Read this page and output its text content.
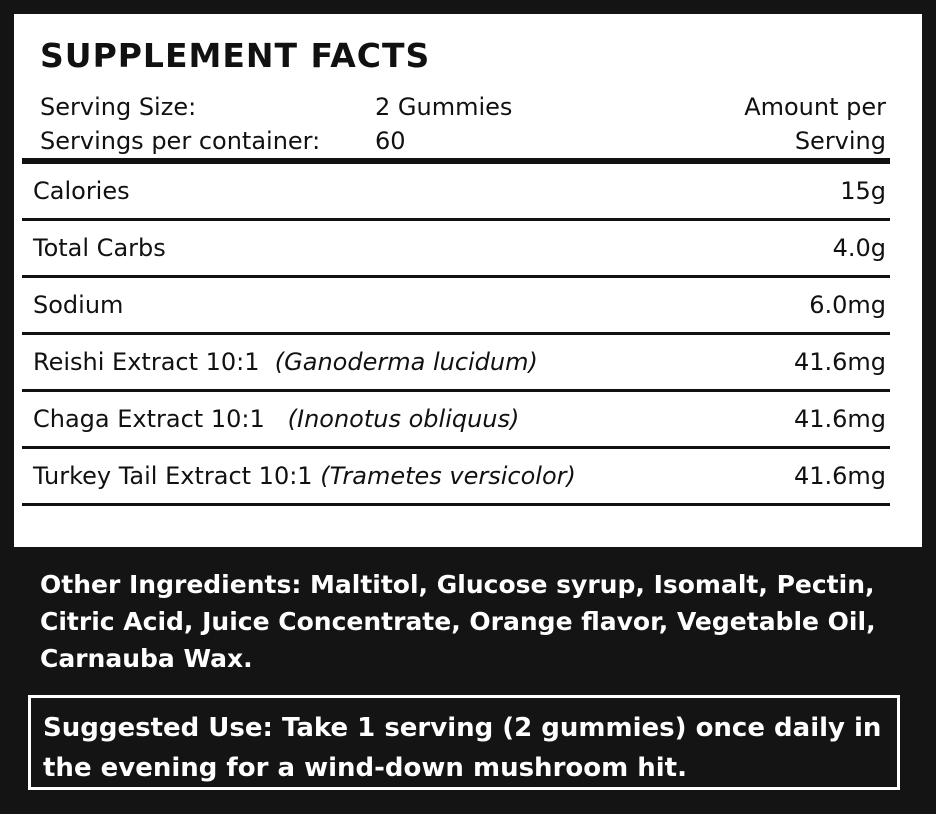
SUPPLEMENT FACTS
Serving Size:	2 Gummies	Amount per
Servings per container: 60	Serving
Calories	15g
Total Carbs	4.0g
Sodium	6.0mg
Reishi Extract 10:1 (Ganoderma lucidum)	41.6mg
Chaga Extract 10:1 (Inonotus obliquus)	41.6mg
Turkey Tail Extract 10:1 (Trametes versicolor)	41.6mg

Other Ingredients: Maltitol, Glucose syrup, Isomalt, Pectin, Citric Acid, Juice Concentrate, Orange flavor, Vegetable Oil, Carnauba Wax.

Suggested Use: Take 1 serving (2 gummies) once daily in the evening for a wind-down mushroom hit.
